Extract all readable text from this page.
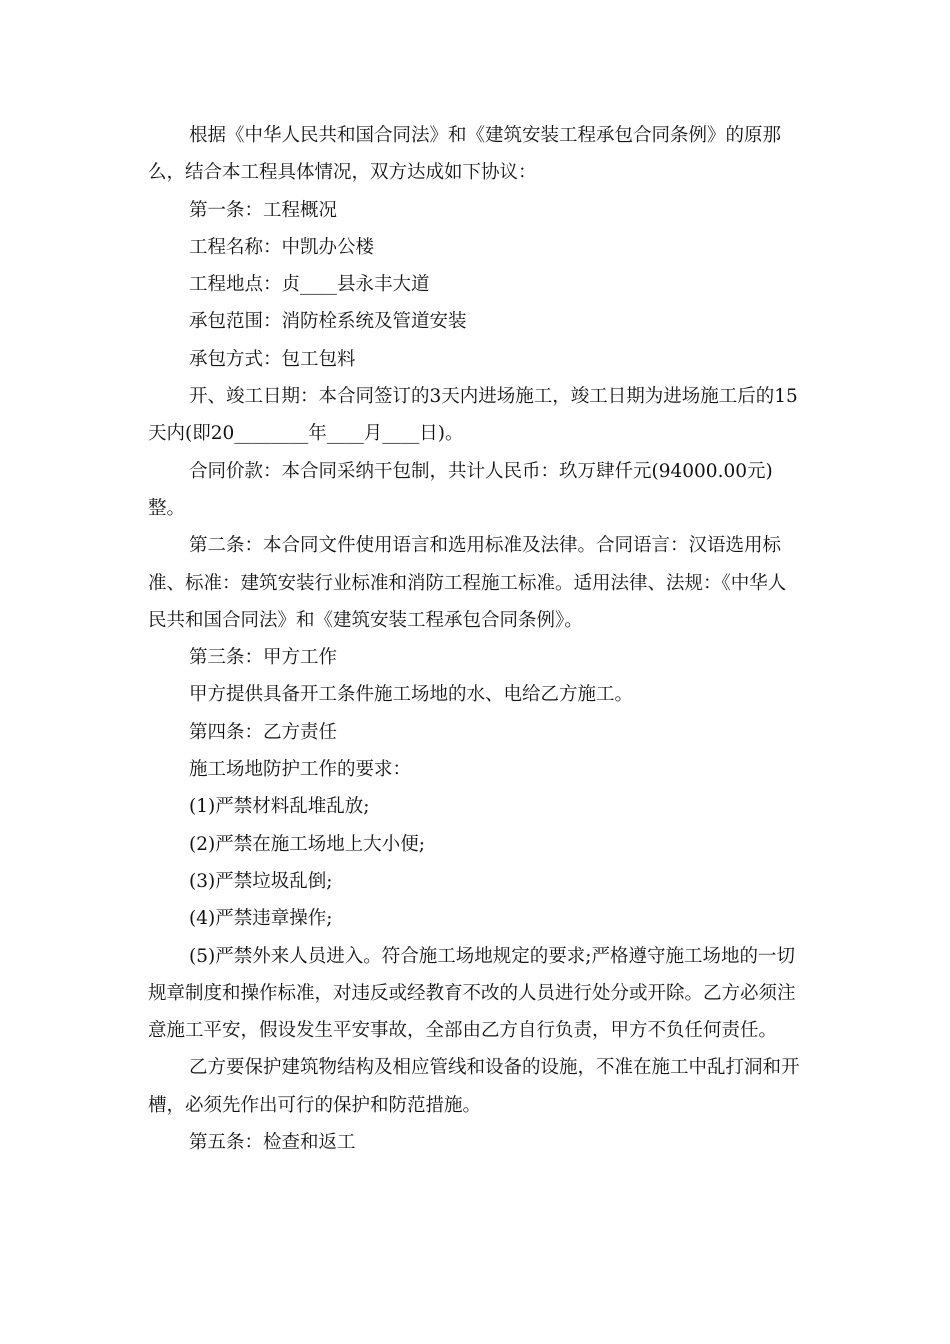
根据《中华人民共和国合同法》和《建筑安装工程承包合同条例》的原那么，结合本工程具体情况，双方达成如下协议：

第一条：工程概况

工程名称：中凯办公楼

工程地点：贞____县永丰大道

承包范围：消防栓系统及管道安装

承包方式：包工包料

开、竣工日期：本合同签订的3天内进场施工，竣工日期为进场施工后的15天内(即20________年____月____日)。

合同价款：本合同采纳干包制，共计人民币：玖万肆仟元(94000.00元)整。

第二条：本合同文件使用语言和选用标准及法律。合同语言：汉语选用标准、标准：建筑安装行业标准和消防工程施工标准。适用法律、法规：《中华人民共和国合同法》和《建筑安装工程承包合同条例》。

第三条：甲方工作

甲方提供具备开工条件施工场地的水、电给乙方施工。

第四条：乙方责任

施工场地防护工作的要求：

(1)严禁材料乱堆乱放;

(2)严禁在施工场地上大小便;

(3)严禁垃圾乱倒;

(4)严禁违章操作;

(5)严禁外来人员进入。符合施工场地规定的要求;严格遵守施工场地的一切规章制度和操作标准，对违反或经教育不改的人员进行处分或开除。乙方必须注意施工平安，假设发生平安事故，全部由乙方自行负责，甲方不负任何责任。

乙方要保护建筑物结构及相应管线和设备的设施，不准在施工中乱打洞和开槽，必须先作出可行的保护和防范措施。

第五条：检查和返工
